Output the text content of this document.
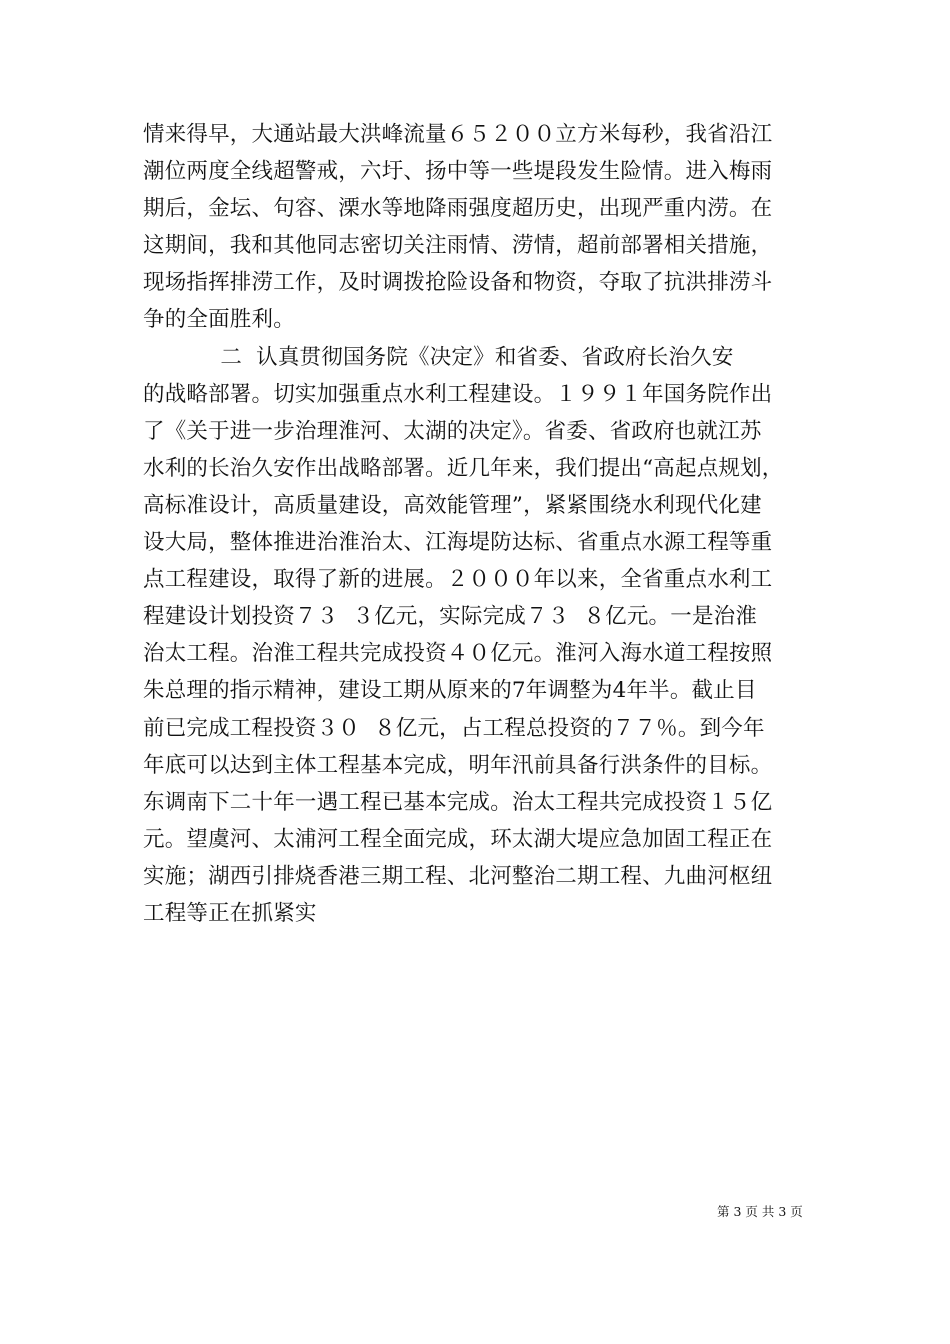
情来得早，大通站最大洪峰流量６５２００立方米每秒，我省沿江
潮位两度全线超警戒，六圩、扬中等一些堤段发生险情。进入梅雨
期后，金坛、句容、溧水等地降雨强度超历史，出现严重内涝。在
这期间，我和其他同志密切关注雨情、涝情，超前部署相关措施，
现场指挥排涝工作，及时调拨抢险设备和物资，夺取了抗洪排涝斗
争的全面胜利。
二  认真贯彻国务院《决定》和省委、省政府长治久安
的战略部署。切实加强重点水利工程建设。１９９１年国务院作出
了《关于进一步治理淮河、太湖的决定》。省委、省政府也就江苏
水利的长治久安作出战略部署。近几年来，我们提出“高起点规划，
高标准设计，高质量建设，高效能管理”，紧紧围绕水利现代化建
设大局，整体推进治淮治太、江海堤防达标、省重点水源工程等重
点工程建设，取得了新的进展。２０００年以来，全省重点水利工
程建设计划投资７３  ３亿元，实际完成７３  ８亿元。一是治淮
治太工程。治淮工程共完成投资４０亿元。淮河入海水道工程按照
朱总理的指示精神，建设工期从原来的7年调整为4年半。截止目
前已完成工程投资３０  ８亿元，占工程总投资的７７％。到今年
年底可以达到主体工程基本完成，明年汛前具备行洪条件的目标。
东调南下二十年一遇工程已基本完成。治太工程共完成投资１５亿
元。望虞河、太浦河工程全面完成，环太湖大堤应急加固工程正在
实施；湖西引排烧香港三期工程、北河整治二期工程、九曲河枢纽
工程等正在抓紧实
第 3 页 共 3 页
